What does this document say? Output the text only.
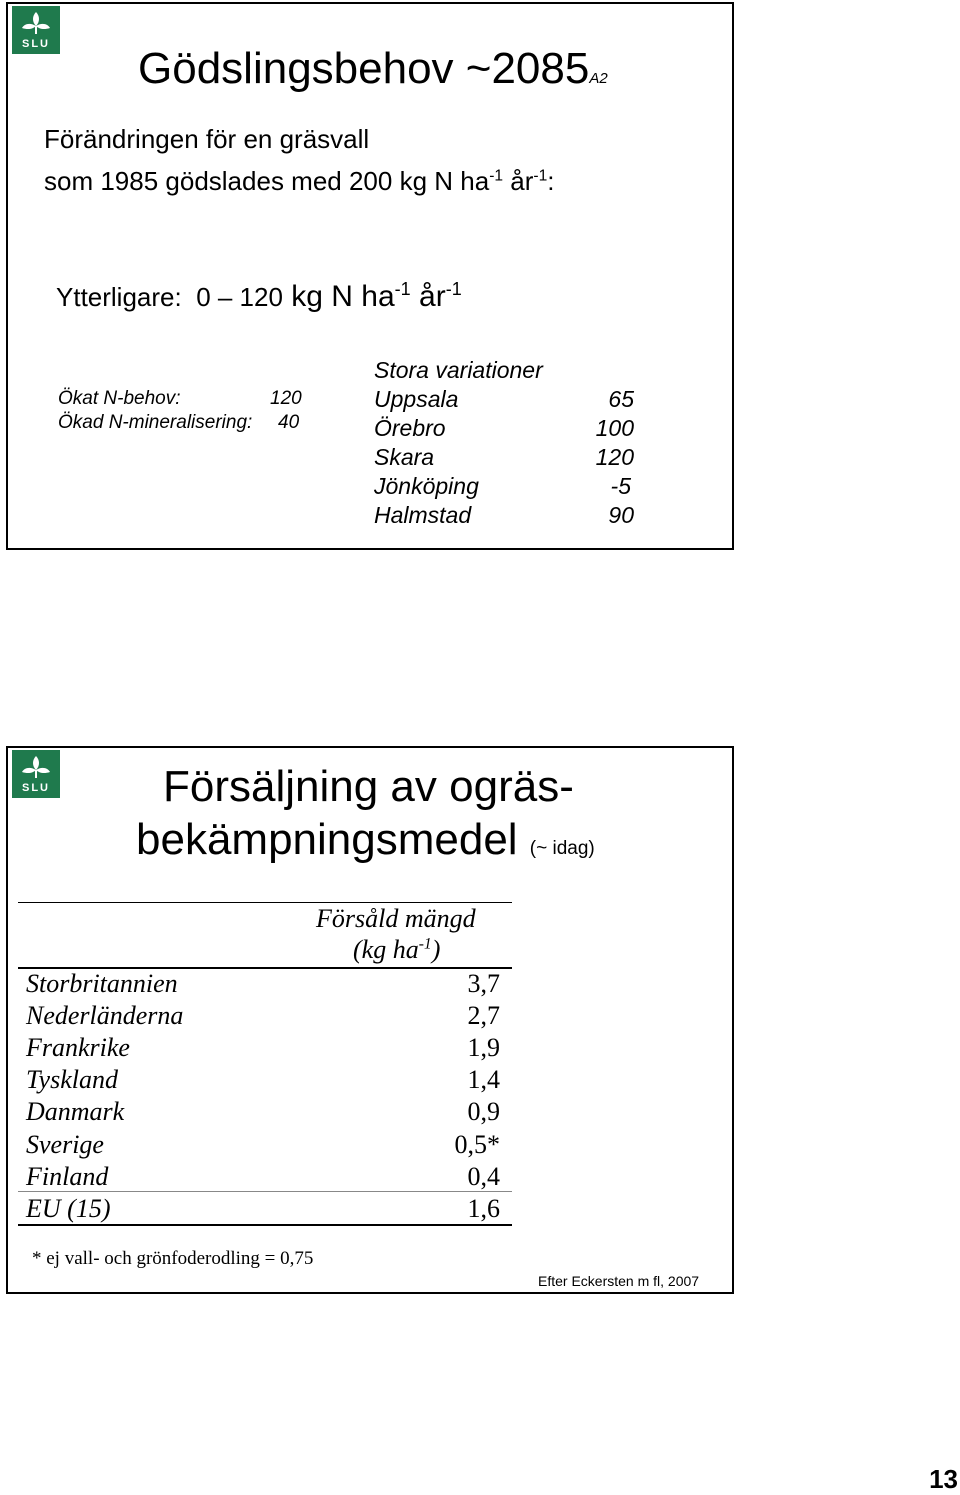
SLU Gödslingsbehov ~2085A2
Förändringen för en gräsvall
som 1985 gödslades med 200 kg N $ha^{-1}$ $år^{-1}$:
Ytterligare: 0 – 120 kg N $ha^{-1}$ $år^{-1}$
Ökat N-behov:	120
Ökad N-mineralisering: 40
Stora variationer
Uppsala	65
Örebro	100
Skara	120
Jönköping	-5
Halmstad	90
SLU	Försäljning av ogräs-
bekämpningsmedel (~ idag)
Försåld mängd
(kg $ha^{-1}$)
Storbritannien	3,7
Nederländerna	2,7
Frankrike	1,9
Tyskland	1,4
Danmark	0,9
Sverige	0,5*
Finland	0,4
EU (15)	1,6
* ej vall- och grönfoderodling = 0,75
Efter Eckersten m fl, 2007
13
